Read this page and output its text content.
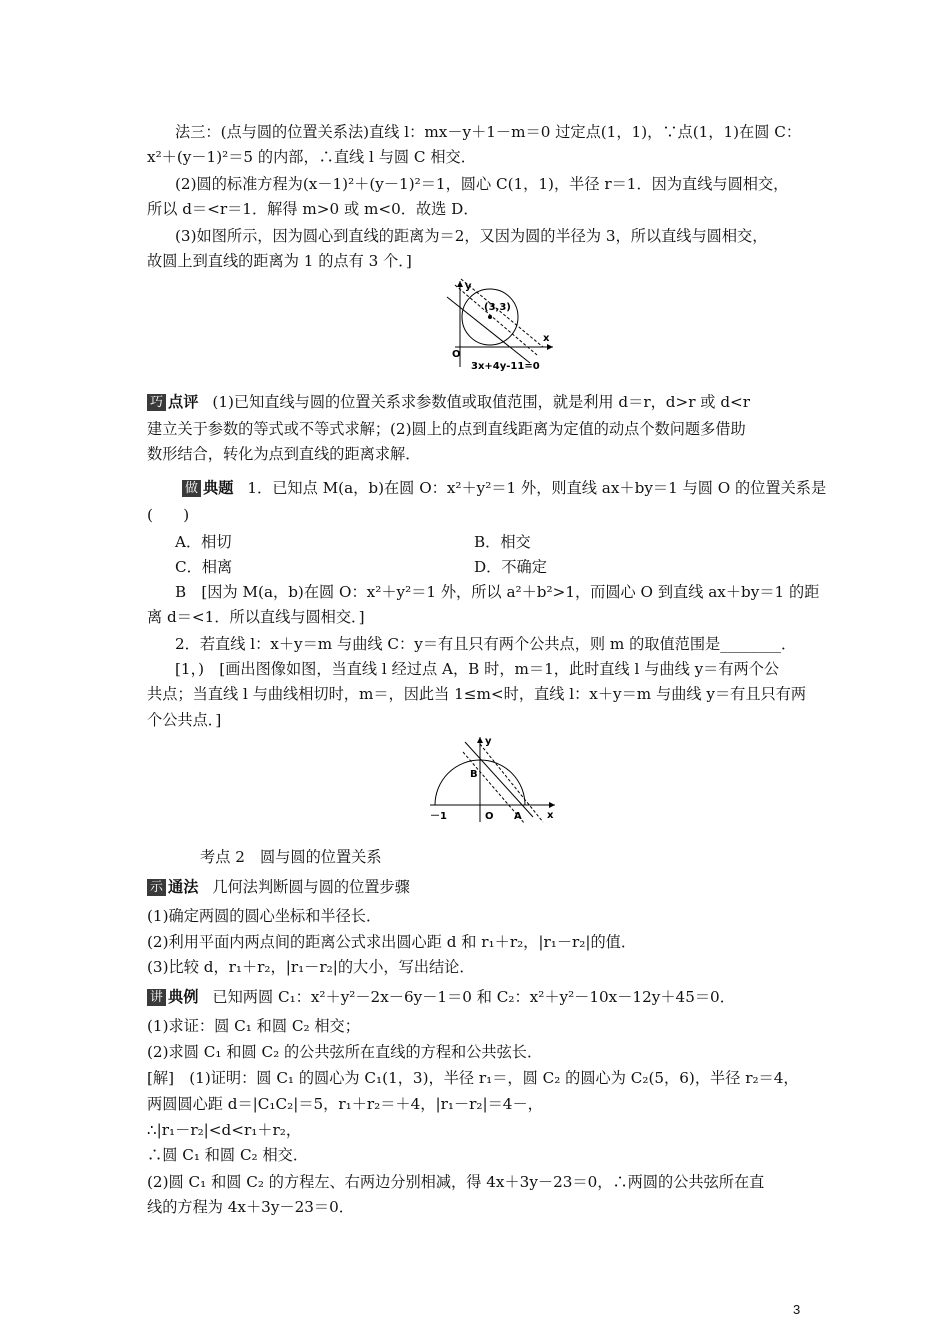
法三：(点与圆的位置关系法)直线 l：mx－y＋1－m＝0 过定点(1，1)，∵点(1，1)在圆 C：
x²＋(y－1)²＝5 的内部，∴直线 l 与圆 C 相交．
(2)圆的标准方程为(x－1)²＋(y－1)²＝1，圆心 C(1，1)，半径 r＝1．因为直线与圆相交，
所以 d＝<r＝1．解得 m>0 或 m<0．故选 D．
(3)如图所示，因为圆心到直线的距离为＝2，又因为圆的半径为 3，所以直线与圆相交，
故圆上到直线的距离为 1 的点有 3 个．]
y
x
O
(3,3)
3x+4y-11=0
巧 点评 (1)已知直线与圆的位置关系求参数值或取值范围，就是利用 d＝r，d>r 或 d<r
建立关于参数的等式或不等式求解；(2)圆上的点到直线距离为定值的动点个数问题多借助
数形结合，转化为点到直线的距离求解．
做 典题 1．已知点 M(a，b)在圆 O：x²＋y²＝1 外，则直线 ax＋by＝1 与圆 O 的位置关系是
(　　)
A．相切	B．相交
C．相离	D．不确定
B　[因为 M(a，b)在圆 O：x²＋y²＝1 外，所以 a²＋b²>1，而圆心 O 到直线 ax＋by＝1 的距
离 d＝<1．所以直线与圆相交．]
2．若直线 l：x＋y＝m 与曲线 C：y＝有且只有两个公共点，则 m 的取值范围是________．
[1，)　[画出图像如图，当直线 l 经过点 A，B 时，m＝1，此时直线 l 与曲线 y＝有两个公
共点；当直线 l 与曲线相切时，m＝，因此当 1≤m<时，直线 l：x＋y＝m 与曲线 y＝有且只有两
个公共点．]
y
x
O
B
A
－1
考点 2　圆与圆的位置关系
示 通法 几何法判断圆与圆的位置步骤
(1)确定两圆的圆心坐标和半径长．
(2)利用平面内两点间的距离公式求出圆心距 d 和 r₁＋r₂，|r₁－r₂|的值．
(3)比较 d，r₁＋r₂，|r₁－r₂|的大小，写出结论．
讲 典例 已知两圆 C₁：x²＋y²－2x－6y－1＝0 和 C₂：x²＋y²－10x－12y＋45＝0．
(1)求证：圆 C₁ 和圆 C₂ 相交；
(2)求圆 C₁ 和圆 C₂ 的公共弦所在直线的方程和公共弦长．
[解]　(1)证明：圆 C₁ 的圆心为 C₁(1，3)，半径 r₁＝，圆 C₂ 的圆心为 C₂(5，6)，半径 r₂＝4，
两圆圆心距 d＝|C₁C₂|＝5，r₁＋r₂＝＋4，|r₁－r₂|＝4－，
∴|r₁－r₂|<d<r₁＋r₂，
∴圆 C₁ 和圆 C₂ 相交．
(2)圆 C₁ 和圆 C₂ 的方程左、右两边分别相减，得 4x＋3y－23＝0，∴两圆的公共弦所在直
线的方程为 4x＋3y－23＝0．
3
